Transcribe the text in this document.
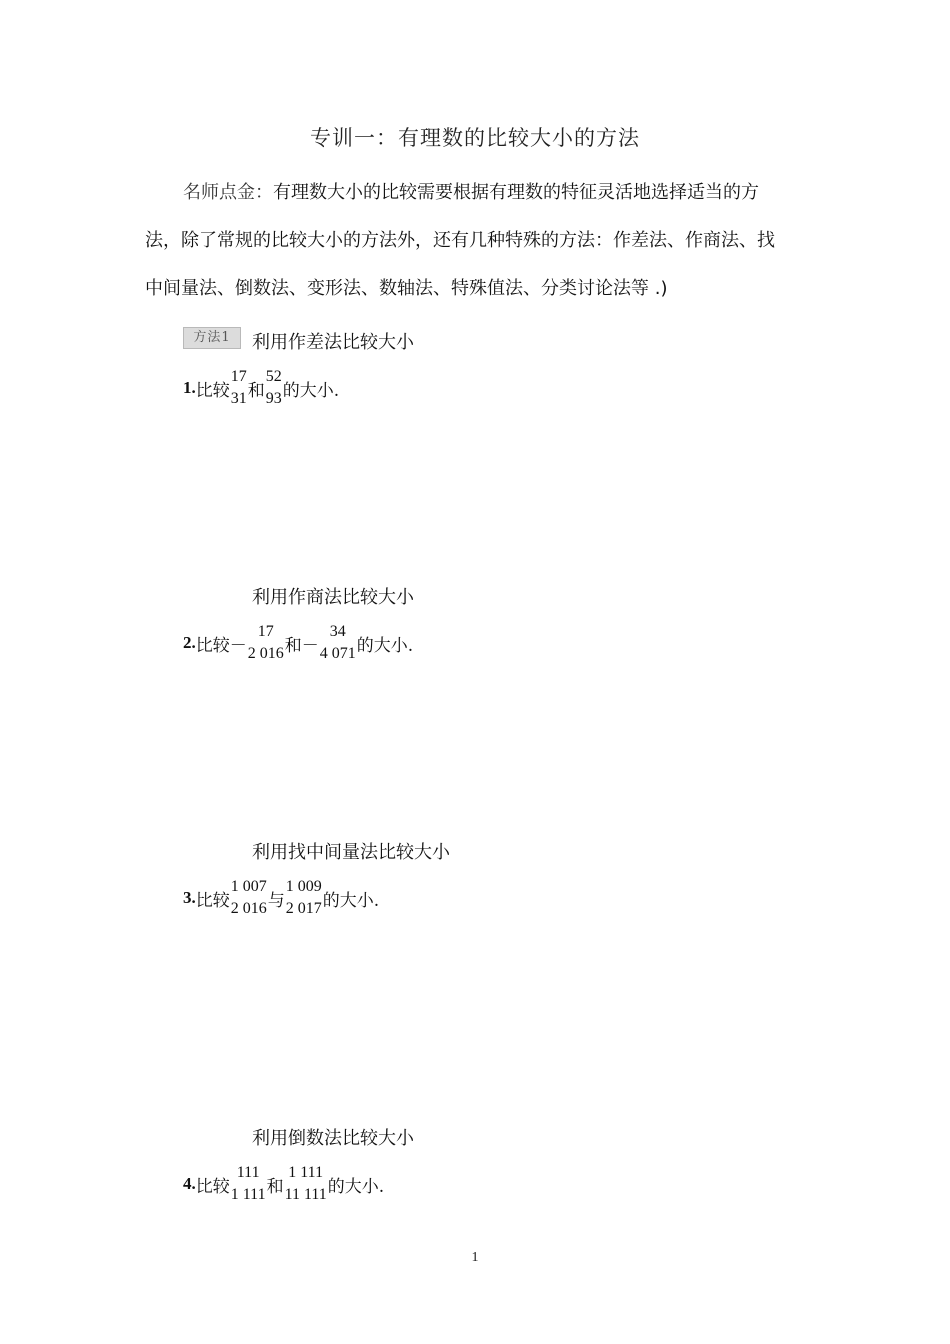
专训一：有理数的比较大小的方法
名师点金：有理数大小的比较需要根据有理数的特征灵活地选择适当的方
法，除了常规的比较大小的方法外，还有几种特殊的方法：作差法、作商法、找
中间量法、倒数法、变形法、数轴法、特殊值法、分类讨论法等 .)
方法1	利用作差法比较大小
1. 比较
17
31 和
52
93 的大小.
利用作商法比较大小
2. 比较 －
17
2 016 和 －
34
4 071 的大小.
利用找中间量法比较大小
3. 比较
1 007
2 016 与
1 009
2 017 的大小.
利用倒数法比较大小
4. 比较
111
1 111 和
1 111
11 111 的大小.
1
